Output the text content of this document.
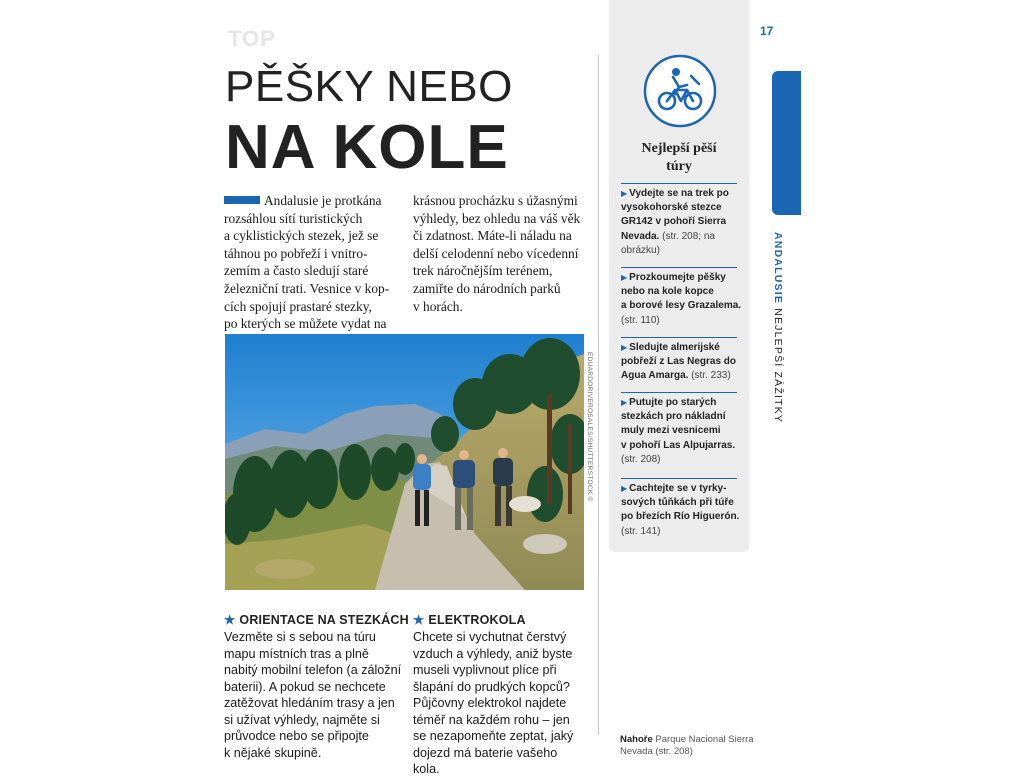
TOP	17
PĚŠKY NEBO
NA KOLE
Andalusie je protkána
rozsáhlou sítí turistických
a cyklistických stezek, jež se
táhnou po pobřeží i vnitro-
zemím a často sledují staré
železniční trati. Vesnice v kop-
cích spojují prastaré stezky,
po kterých se můžete vydat na
krásnou procházku s úžasnými
výhledy, bez ohledu na váš věk
či zdatnost. Máte-li náladu na
delší celodenní nebo vícedenní
trek náročnějším terénem,
zamiřte do národních parků
v horách.
EDUARDORIVEROSALES/SHUTTERSTOCK ©
★ ORIENTACE NA STEZKÁCH
Vezměte si s sebou na túru
mapu místních tras a plně
nabitý mobilní telefon (a záložní
baterii). A pokud se nechcete
zatěžovat hledáním trasy a jen
si užívat výhledy, najměte si
průvodce nebo se připojte
k nějaké skupině.
★ ELEKTROKOLA
Chcete si vychutnat čerstvý
vzduch a výhledy, aniž byste
museli vyplivnout plíce při
šlapání do prudkých kopců?
Půjčovny elektrokol najdete
téměř na každém rohu – jen
se nezapomeňte zeptat, jaký
dojezd má baterie vašeho
kola.
Nejlepší pěší
túry
▶ Vydejte se na trek po
vysokohorské stezce
GR142 v pohoří Sierra
Nevada. (str. 208; na
obrázku)
▶ Prozkoumejte pěšky
nebo na kole kopce
a borové lesy Grazalema.
(str. 110)
▶ Sledujte almerijské
pobřeží z Las Negras do
Agua Amarga. (str. 233)
▶ Putujte po starých
stezkách pro nákladní
muly mezi vesnicemi
v pohoří Las Alpujarras.
(str. 208)
▶ Cachtejte se v tyrky-
sových tůňkách při túře
po březích Río Higuerón.
(str. 141)
ANDALUSIE NEJLEPŠÍ ZÁŽITKY
Nahoře Parque Nacional Sierra
Nevada (str. 208)
